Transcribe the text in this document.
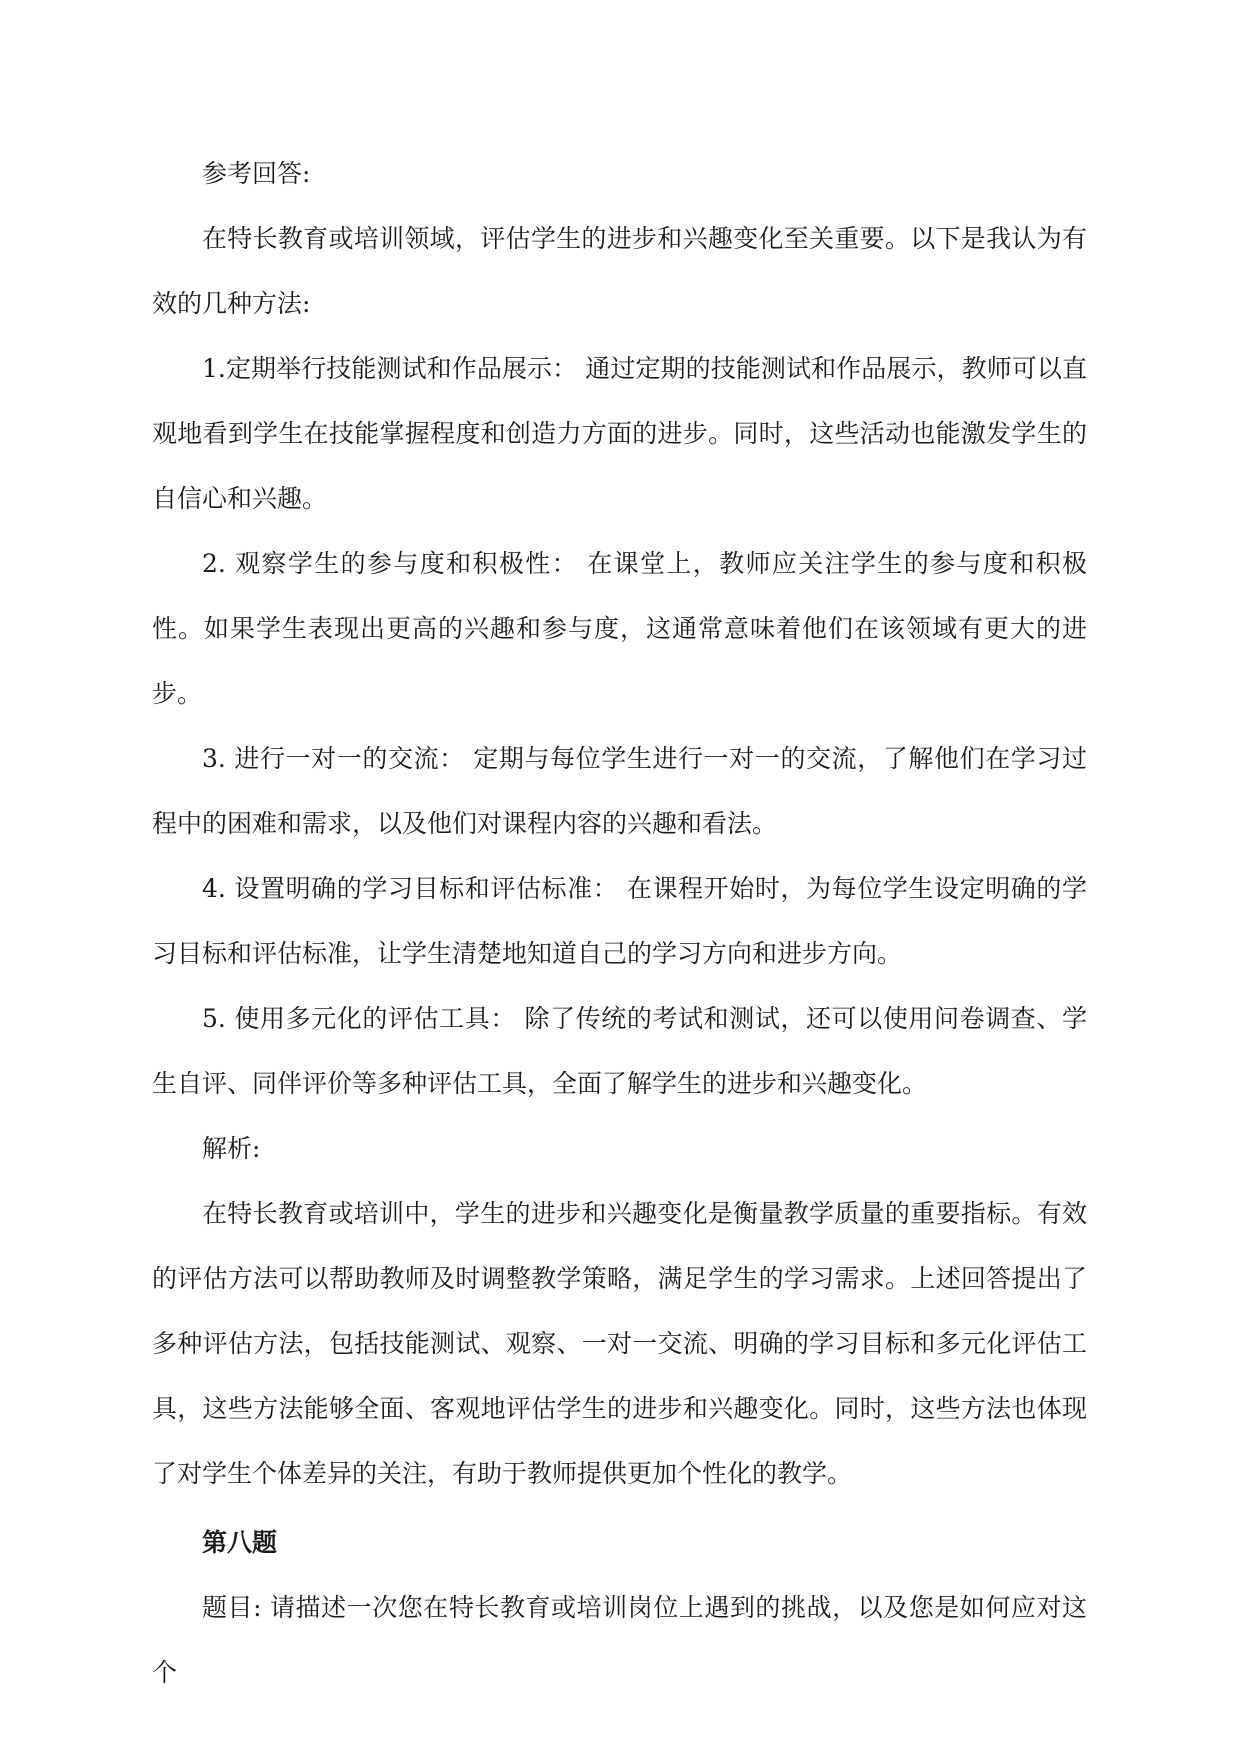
参考回答:

在特长教育或培训领域，评估学生的进步和兴趣变化至关重要。以下是我认为有效的几种方法:

1.定期举行技能测试和作品展示： 通过定期的技能测试和作品展示，教师可以直观地看到学生在技能掌握程度和创造力方面的进步。同时，这些活动也能激发学生的自信心和兴趣。

2. 观察学生的参与度和积极性： 在课堂上，教师应关注学生的参与度和积极性。如果学生表现出更高的兴趣和参与度，这通常意味着他们在该领域有更大的进步。

3. 进行一对一的交流： 定期与每位学生进行一对一的交流，了解他们在学习过程中的困难和需求，以及他们对课程内容的兴趣和看法。

4. 设置明确的学习目标和评估标准： 在课程开始时，为每位学生设定明确的学习目标和评估标准，让学生清楚地知道自己的学习方向和进步方向。

5. 使用多元化的评估工具： 除了传统的考试和测试，还可以使用问卷调查、学生自评、同伴评价等多种评估工具，全面了解学生的进步和兴趣变化。

解析:

在特长教育或培训中，学生的进步和兴趣变化是衡量教学质量的重要指标。有效的评估方法可以帮助教师及时调整教学策略，满足学生的学习需求。上述回答提出了多种评估方法，包括技能测试、观察、一对一交流、明确的学习目标和多元化评估工具，这些方法能够全面、客观地评估学生的进步和兴趣变化。同时，这些方法也体现了对学生个体差异的关注，有助于教师提供更加个性化的教学。

第八题

题目: 请描述一次您在特长教育或培训岗位上遇到的挑战，以及您是如何应对这个
